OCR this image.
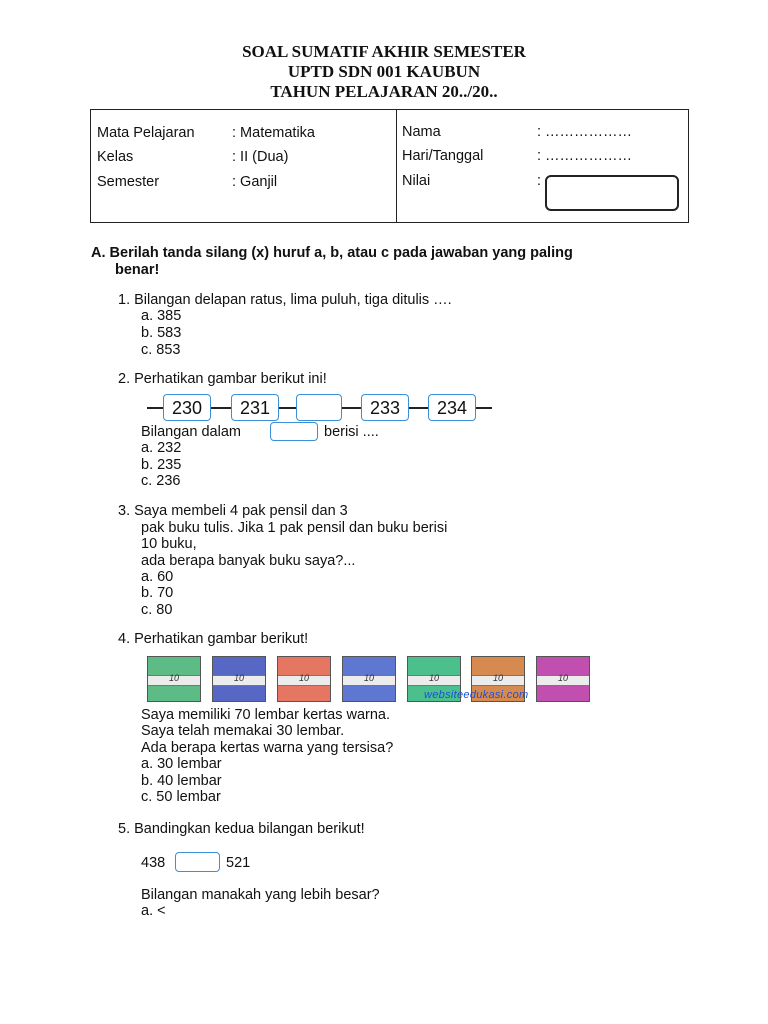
SOAL SUMATIF AKHIR SEMESTER
UPTD SDN 001 KAUBUN
TAHUN PELAJARAN 20../20..
Mata Pelajaran	: Matematika
Kelas	: II (Dua)
Semester	: Ganjil
Nama	: ………………
Hari/Tanggal	: ………………
Nilai	:
A. Berilah tanda silang (x) huruf a, b, atau c pada jawaban yang paling
benar!
1. Bilangan delapan ratus, lima puluh, tiga ditulis ….
a. 385
b. 583
c. 853
2. Perhatikan gambar berikut ini!
230	231	233	234
Bilangan dalam	berisi ....
a. 232
b. 235
c. 236
3. Saya membeli 4 pak pensil dan 3
pak buku tulis. Jika 1 pak pensil dan buku berisi
10 buku,
ada berapa banyak buku saya?...
a. 60
b. 70
c. 80
4. Perhatikan gambar berikut!
10	10	10	10	10	10	10
websiteedukasi.com
Saya memiliki 70 lembar kertas warna.
Saya telah memakai 30 lembar.
Ada berapa kertas warna yang tersisa?
a. 30 lembar
b. 40 lembar
c. 50 lembar
5. Bandingkan kedua bilangan berikut!
438	521
Bilangan manakah yang lebih besar?
a. <
